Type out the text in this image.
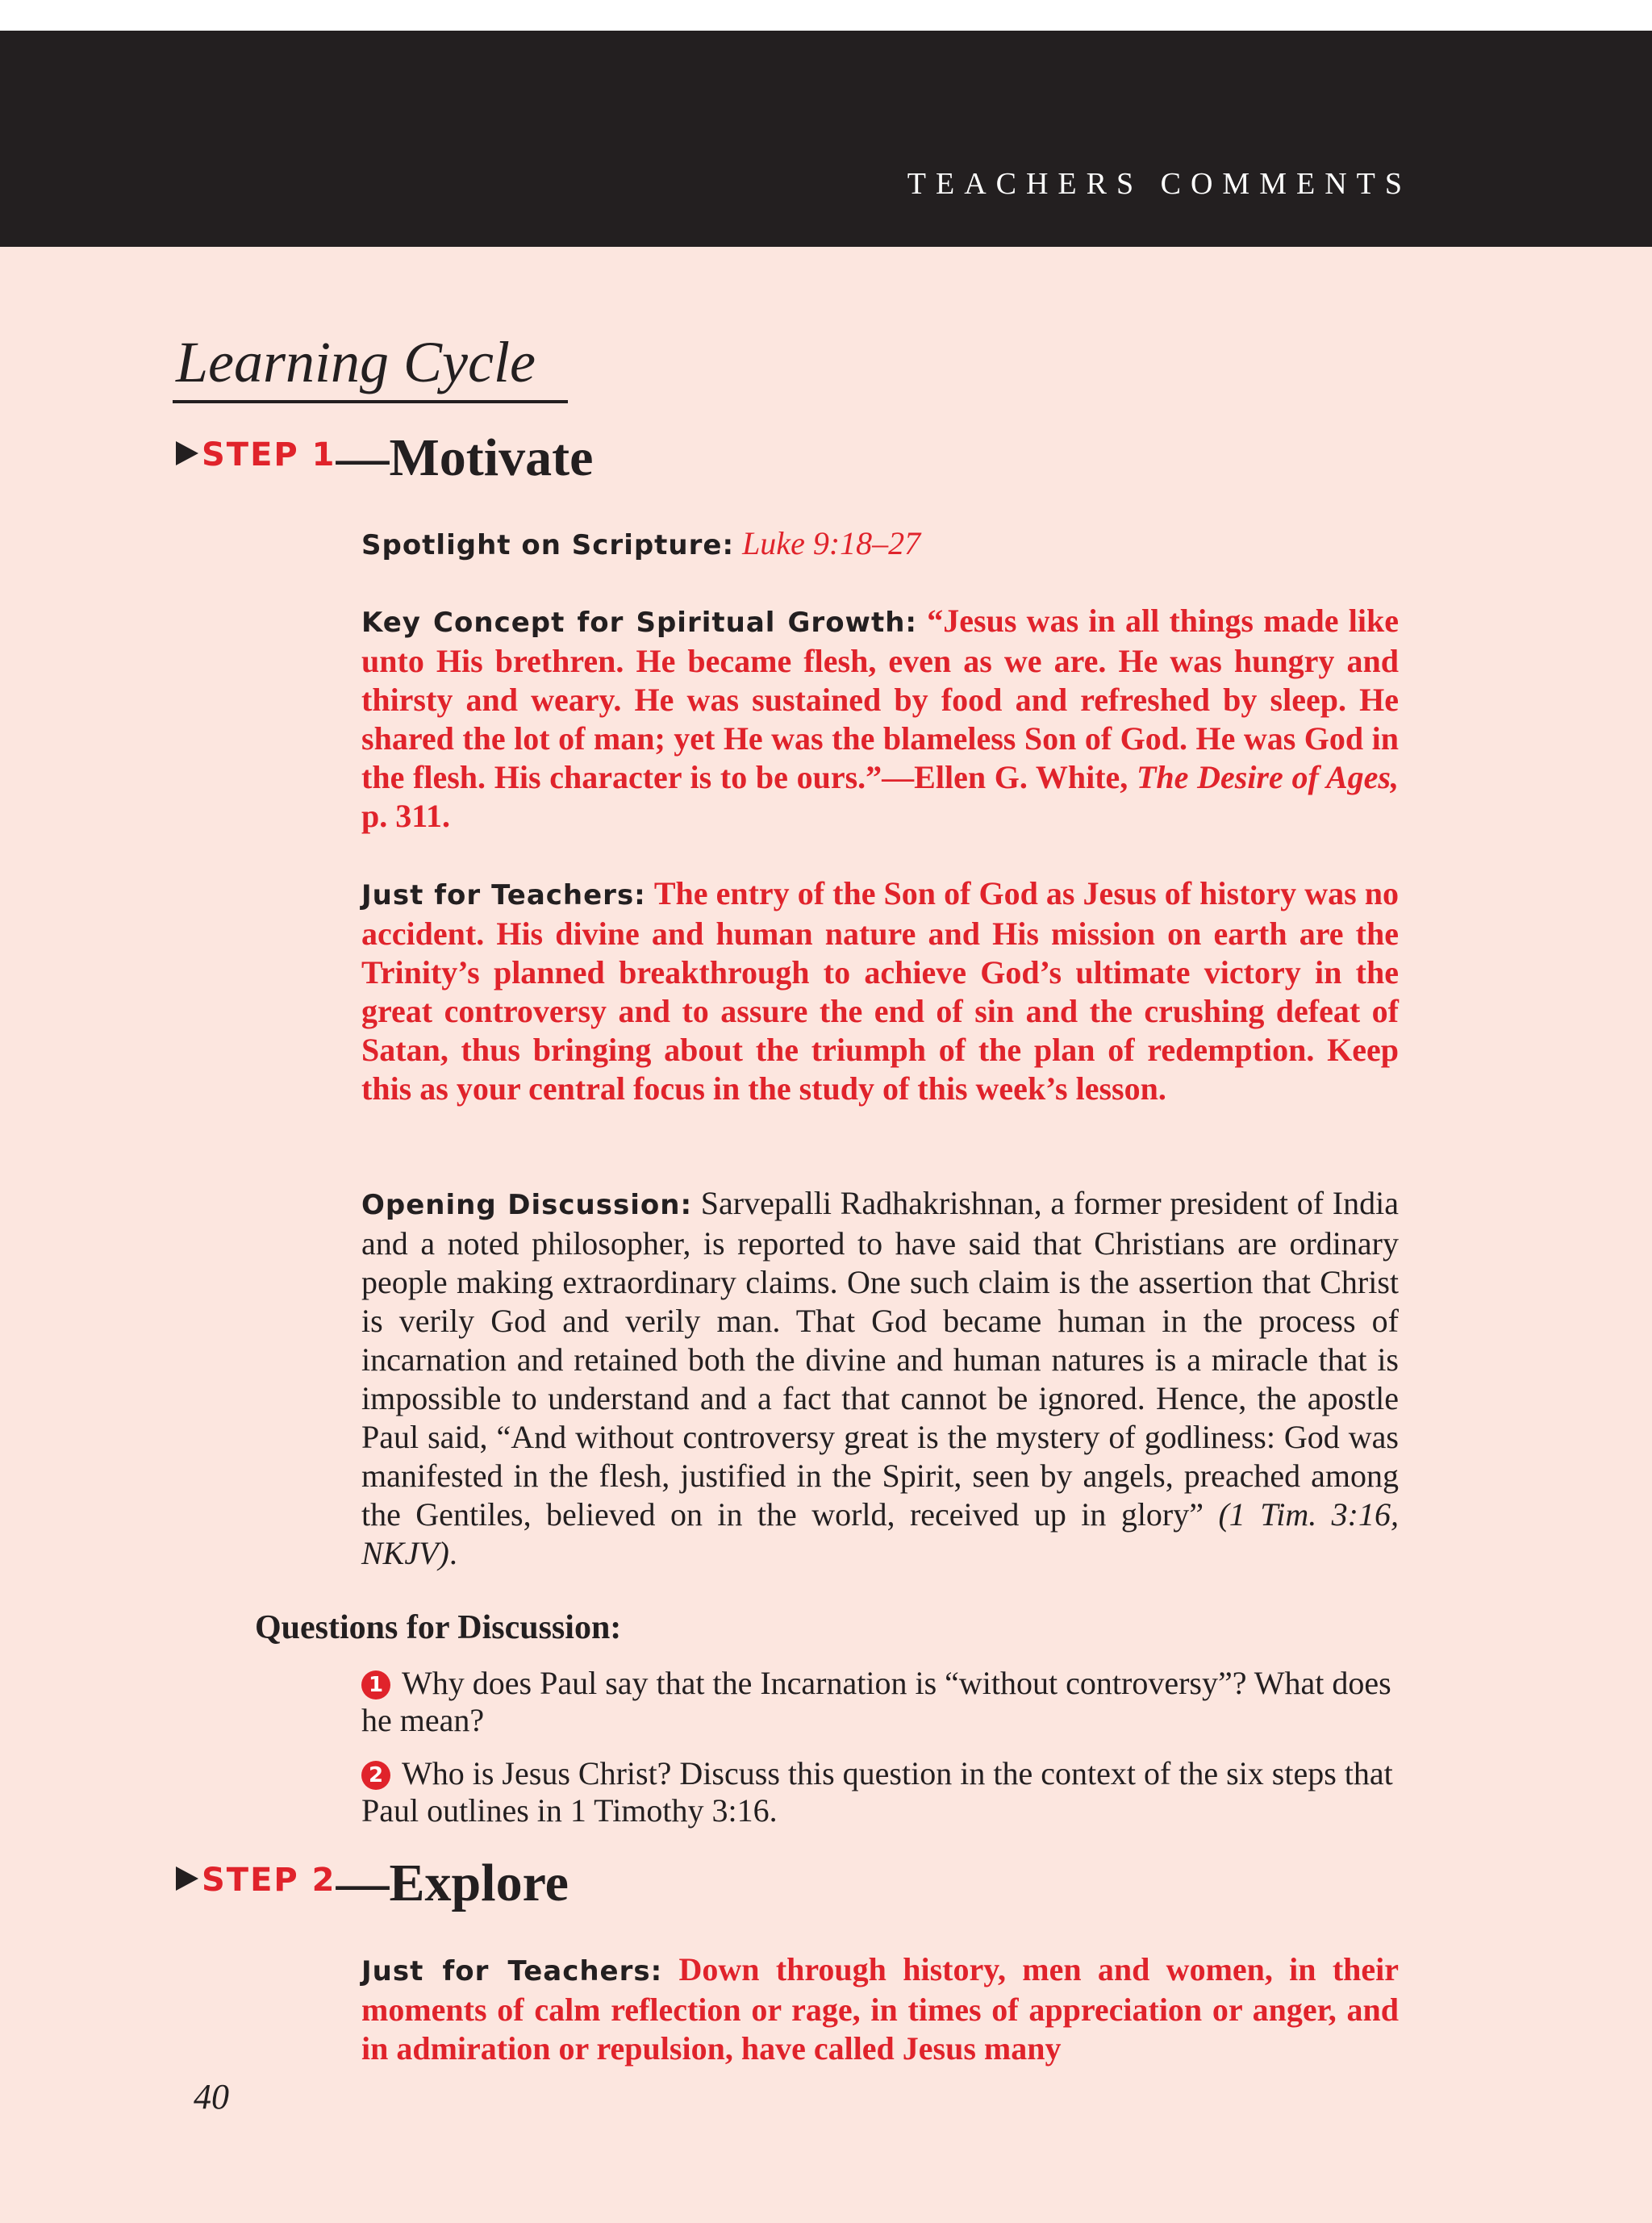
TEACHERS COMMENTS
Learning Cycle
STEP 1—Motivate
Spotlight on Scripture: Luke 9:18–27
Key Concept for Spiritual Growth: “Jesus was in all things made like unto His brethren. He became flesh, even as we are. He was hungry and thirsty and weary. He was sustained by food and refreshed by sleep. He shared the lot of man; yet He was the blameless Son of God. He was God in the flesh. His character is to be ours.”—Ellen G. White, The Desire of Ages, p. 311.
Just for Teachers: The entry of the Son of God as Jesus of history was no accident. His divine and human nature and His mission on earth are the Trinity’s planned breakthrough to achieve God’s ultimate victory in the great controversy and to assure the end of sin and the crushing defeat of Satan, thus bringing about the triumph of the plan of redemption. Keep this as your central focus in the study of this week’s lesson.
Opening Discussion: Sarvepalli Radhakrishnan, a former president of India and a noted philosopher, is reported to have said that Christians are ordinary people making extraordinary claims. One such claim is the assertion that Christ is verily God and verily man. That God became human in the process of incarnation and retained both the divine and human natures is a miracle that is impossible to understand and a fact that cannot be ignored. Hence, the apostle Paul said, “And without controversy great is the mystery of godliness: God was manifested in the flesh, justified in the Spirit, seen by angels, preached among the Gentiles, believed on in the world, received up in glory” (1 Tim. 3:16, NKJV).
Questions for Discussion:
1 Why does Paul say that the Incarnation is “without controversy”? What does he mean?
2 Who is Jesus Christ? Discuss this question in the context of the six steps that Paul outlines in 1 Timothy 3:16.
STEP 2—Explore
Just for Teachers: Down through history, men and women, in their moments of calm reflection or rage, in times of appreciation or anger, and in admiration or repulsion, have called Jesus many
40
